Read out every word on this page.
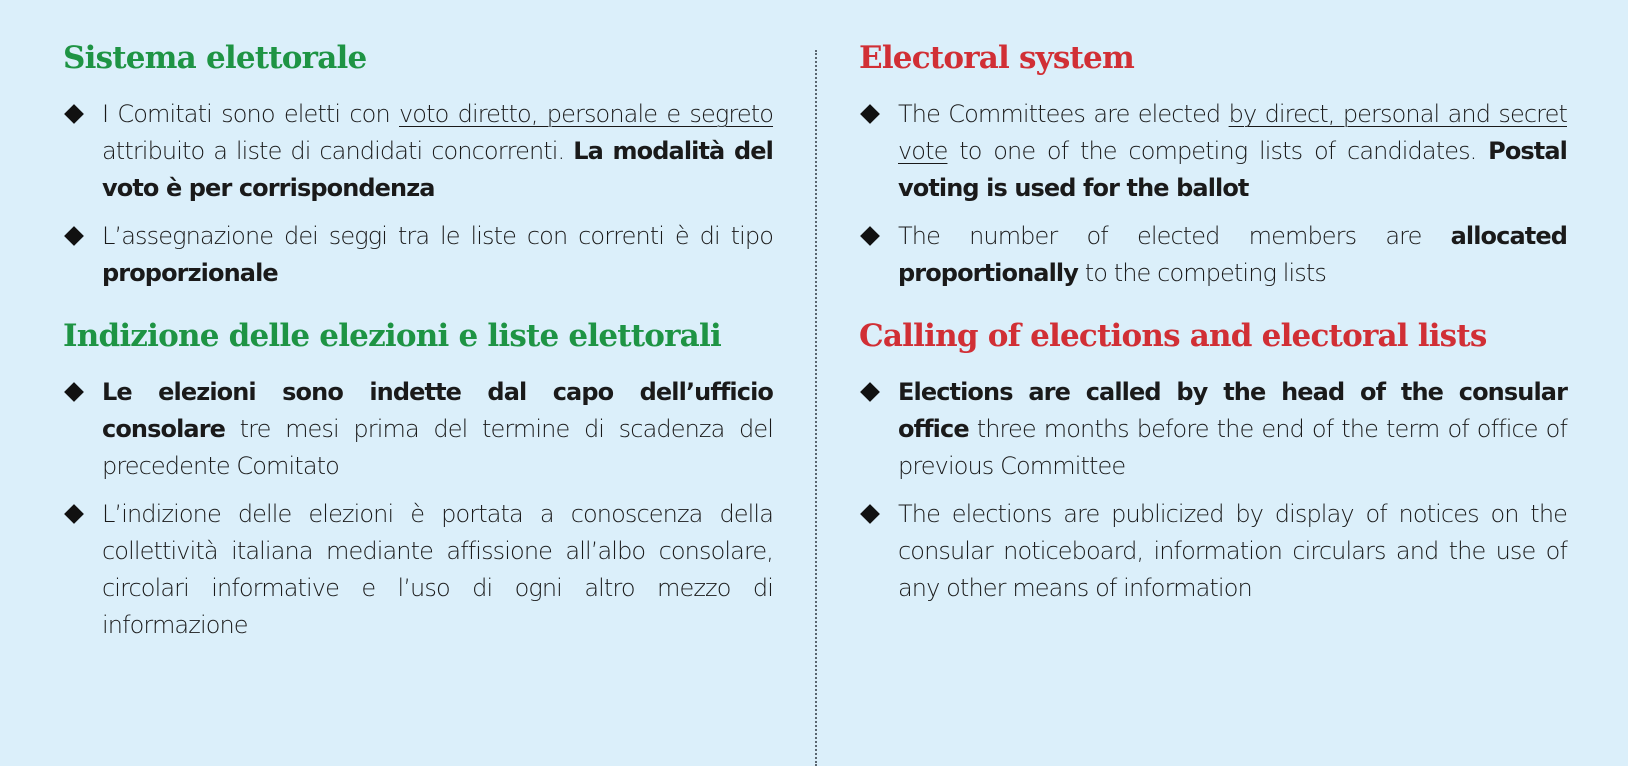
Sistema elettorale
I Comitati sono eletti con voto diretto, personale e segreto attribuito a liste di candidati concorrenti. La modalità del voto è per corrispondenza
L’assegnazione dei seggi tra le liste con correnti è di tipo proporzionale
Indizione delle elezioni e liste elettorali
Le elezioni sono indette dal capo dell’ufficio consolare tre mesi prima del termine di scadenza del precedente Comitato
L’indizione delle elezioni è portata a conoscenza della collettività italiana mediante affissione all’albo consolare, circolari informative e l’uso di ogni altro mezzo di informazione
Electoral system
The Committees are elected by direct, personal and secret vote to one of the competing lists of candidates. Postal voting is used for the ballot
The number of elected members are allocated proportionally to the competing lists
Calling of elections and electoral lists
Elections are called by the head of the consular office three months before the end of the term of office of previous Committee
The elections are publicized by display of notices on the consular noticeboard, information circulars and the use of any other means of information
